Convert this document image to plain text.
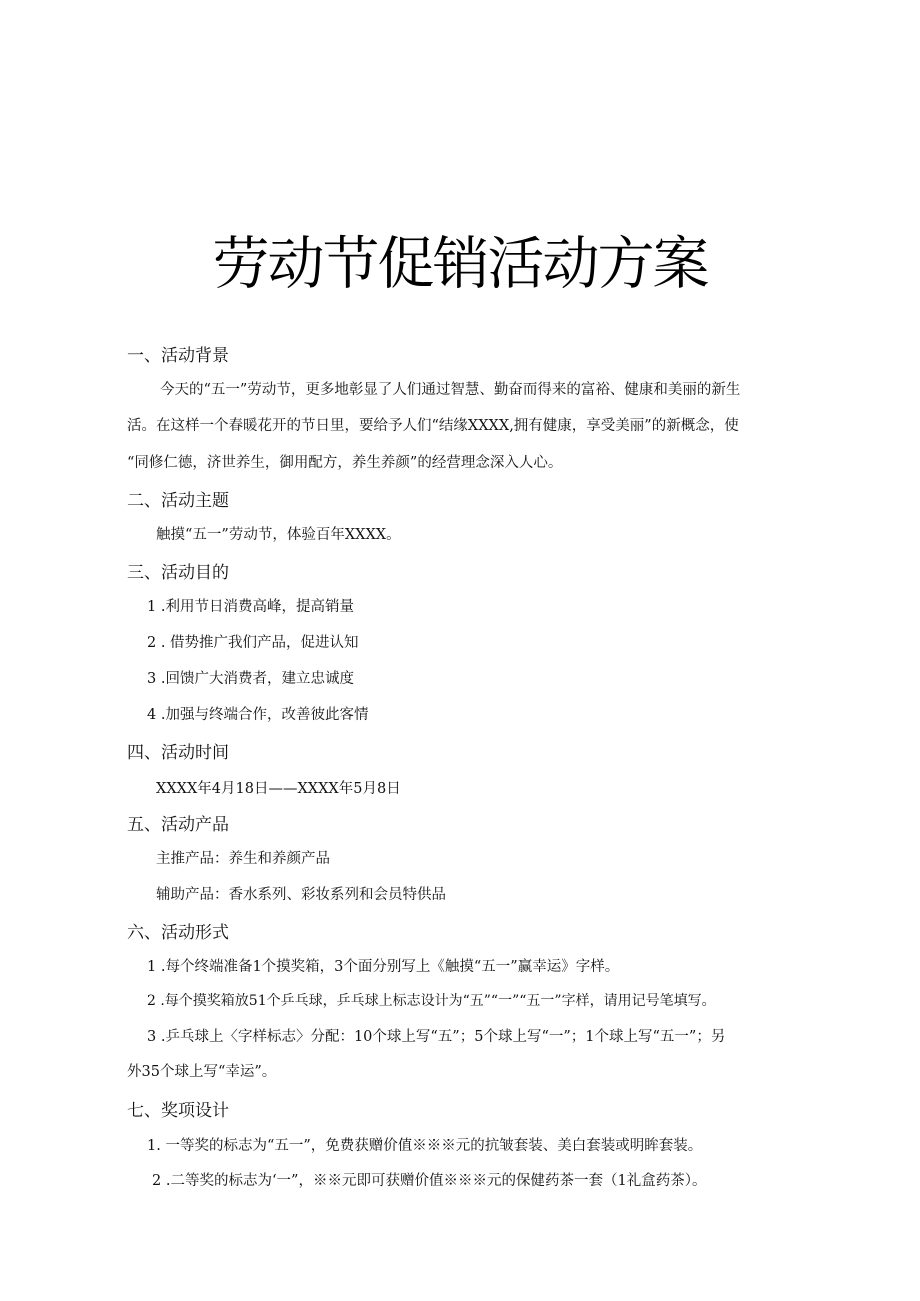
劳动节促销活动方案
一、活动背景
今天的“五一”劳动节，更多地彰显了人们通过智慧、勤奋而得来的富裕、健康和美丽的新生
活。在这样一个春暖花开的节日里，要给予人们“结缘XXXX,拥有健康，享受美丽”的新概念，使
“同修仁德，济世养生，御用配方，养生养颜”的经营理念深入人心。
二、活动主题
触摸“五一”劳动节，体验百年XXXX。
三、活动目的
1 .利用节日消费高峰，提高销量
2 . 借势推广我们产品，促进认知
3 .回馈广大消费者，建立忠诚度
4 .加强与终端合作，改善彼此客情
四、活动时间
XXXX年4月18日——XXXX年5月8日
五、活动产品
主推产品：养生和养颜产品
辅助产品：香水系列、彩妆系列和会员特供品
六、活动形式
1 .每个终端准备1个摸奖箱，3个面分别写上《触摸“五一”赢幸运》字样。
2 .每个摸奖箱放51个乒乓球，乒乓球上标志设计为“五”“一”“五一”字样，请用记号笔填写。
3 .乒乓球上〈字样标志〉分配：10个球上写“五”；5个球上写“一”；1个球上写“五一”；另
外35个球上写“幸运”。
七、奖项设计
1. 一等奖的标志为“五一”，免费获赠价值※※※元的抗皱套装、美白套装或明眸套装。
2 .二等奖的标志为‘一”，※※元即可获赠价值※※※元的保健药茶一套（1礼盒药茶）。
